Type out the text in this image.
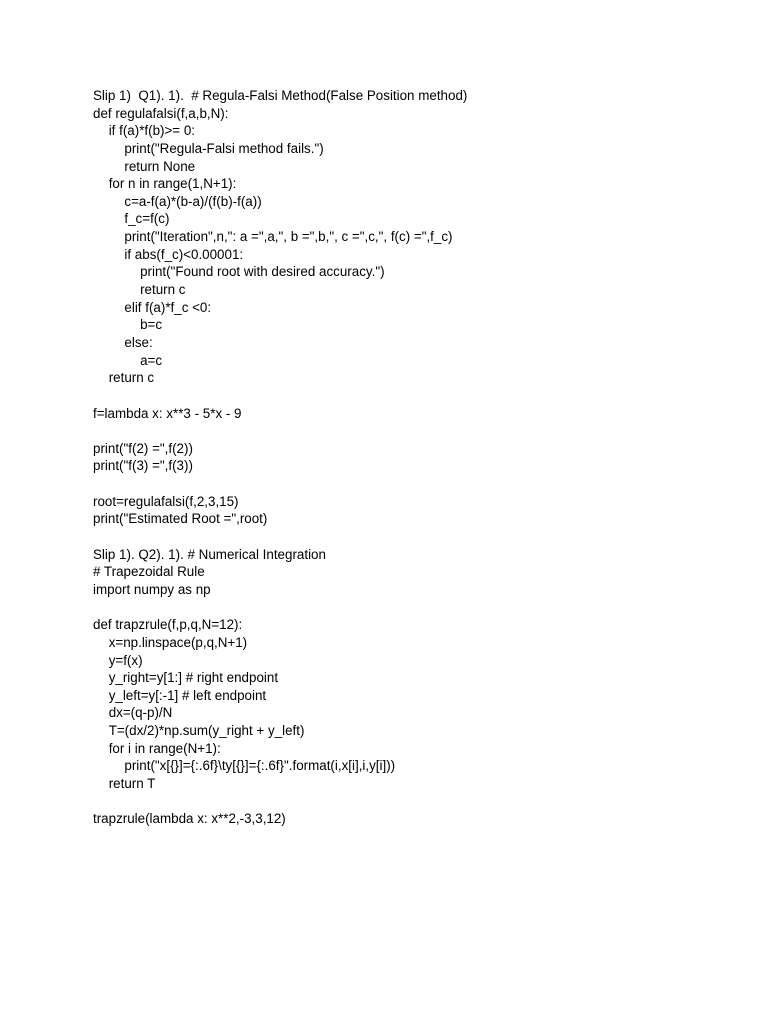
Slip 1)  Q1). 1).  # Regula-Falsi Method(False Position method)
def regulafalsi(f,a,b,N):
if f(a)*f(b)>= 0:
print("Regula-Falsi method fails.")
return None
for n in range(1,N+1):
c=a-f(a)*(b-a)/(f(b)-f(a))
f_c=f(c)
print("Iteration",n,": a =",a,", b =",b,", c =",c,", f(c) =",f_c)
if abs(f_c)<0.00001:
print("Found root with desired accuracy.")
return c
elif f(a)*f_c <0:
b=c
else:
a=c
return c
f=lambda x: x**3 - 5*x - 9
print("f(2) =",f(2))
print("f(3) =",f(3))
root=regulafalsi(f,2,3,15)
print("Estimated Root =",root)
Slip 1). Q2). 1). # Numerical Integration
# Trapezoidal Rule
import numpy as np
def trapzrule(f,p,q,N=12):
x=np.linspace(p,q,N+1)
y=f(x)
y_right=y[1:] # right endpoint
y_left=y[:-1] # left endpoint
dx=(q-p)/N
T=(dx/2)*np.sum(y_right + y_left)
for i in range(N+1):
print("x[{}]={:.6f}\ty[{}]={:.6f}".format(i,x[i],i,y[i]))
return T
trapzrule(lambda x: x**2,-3,3,12)
